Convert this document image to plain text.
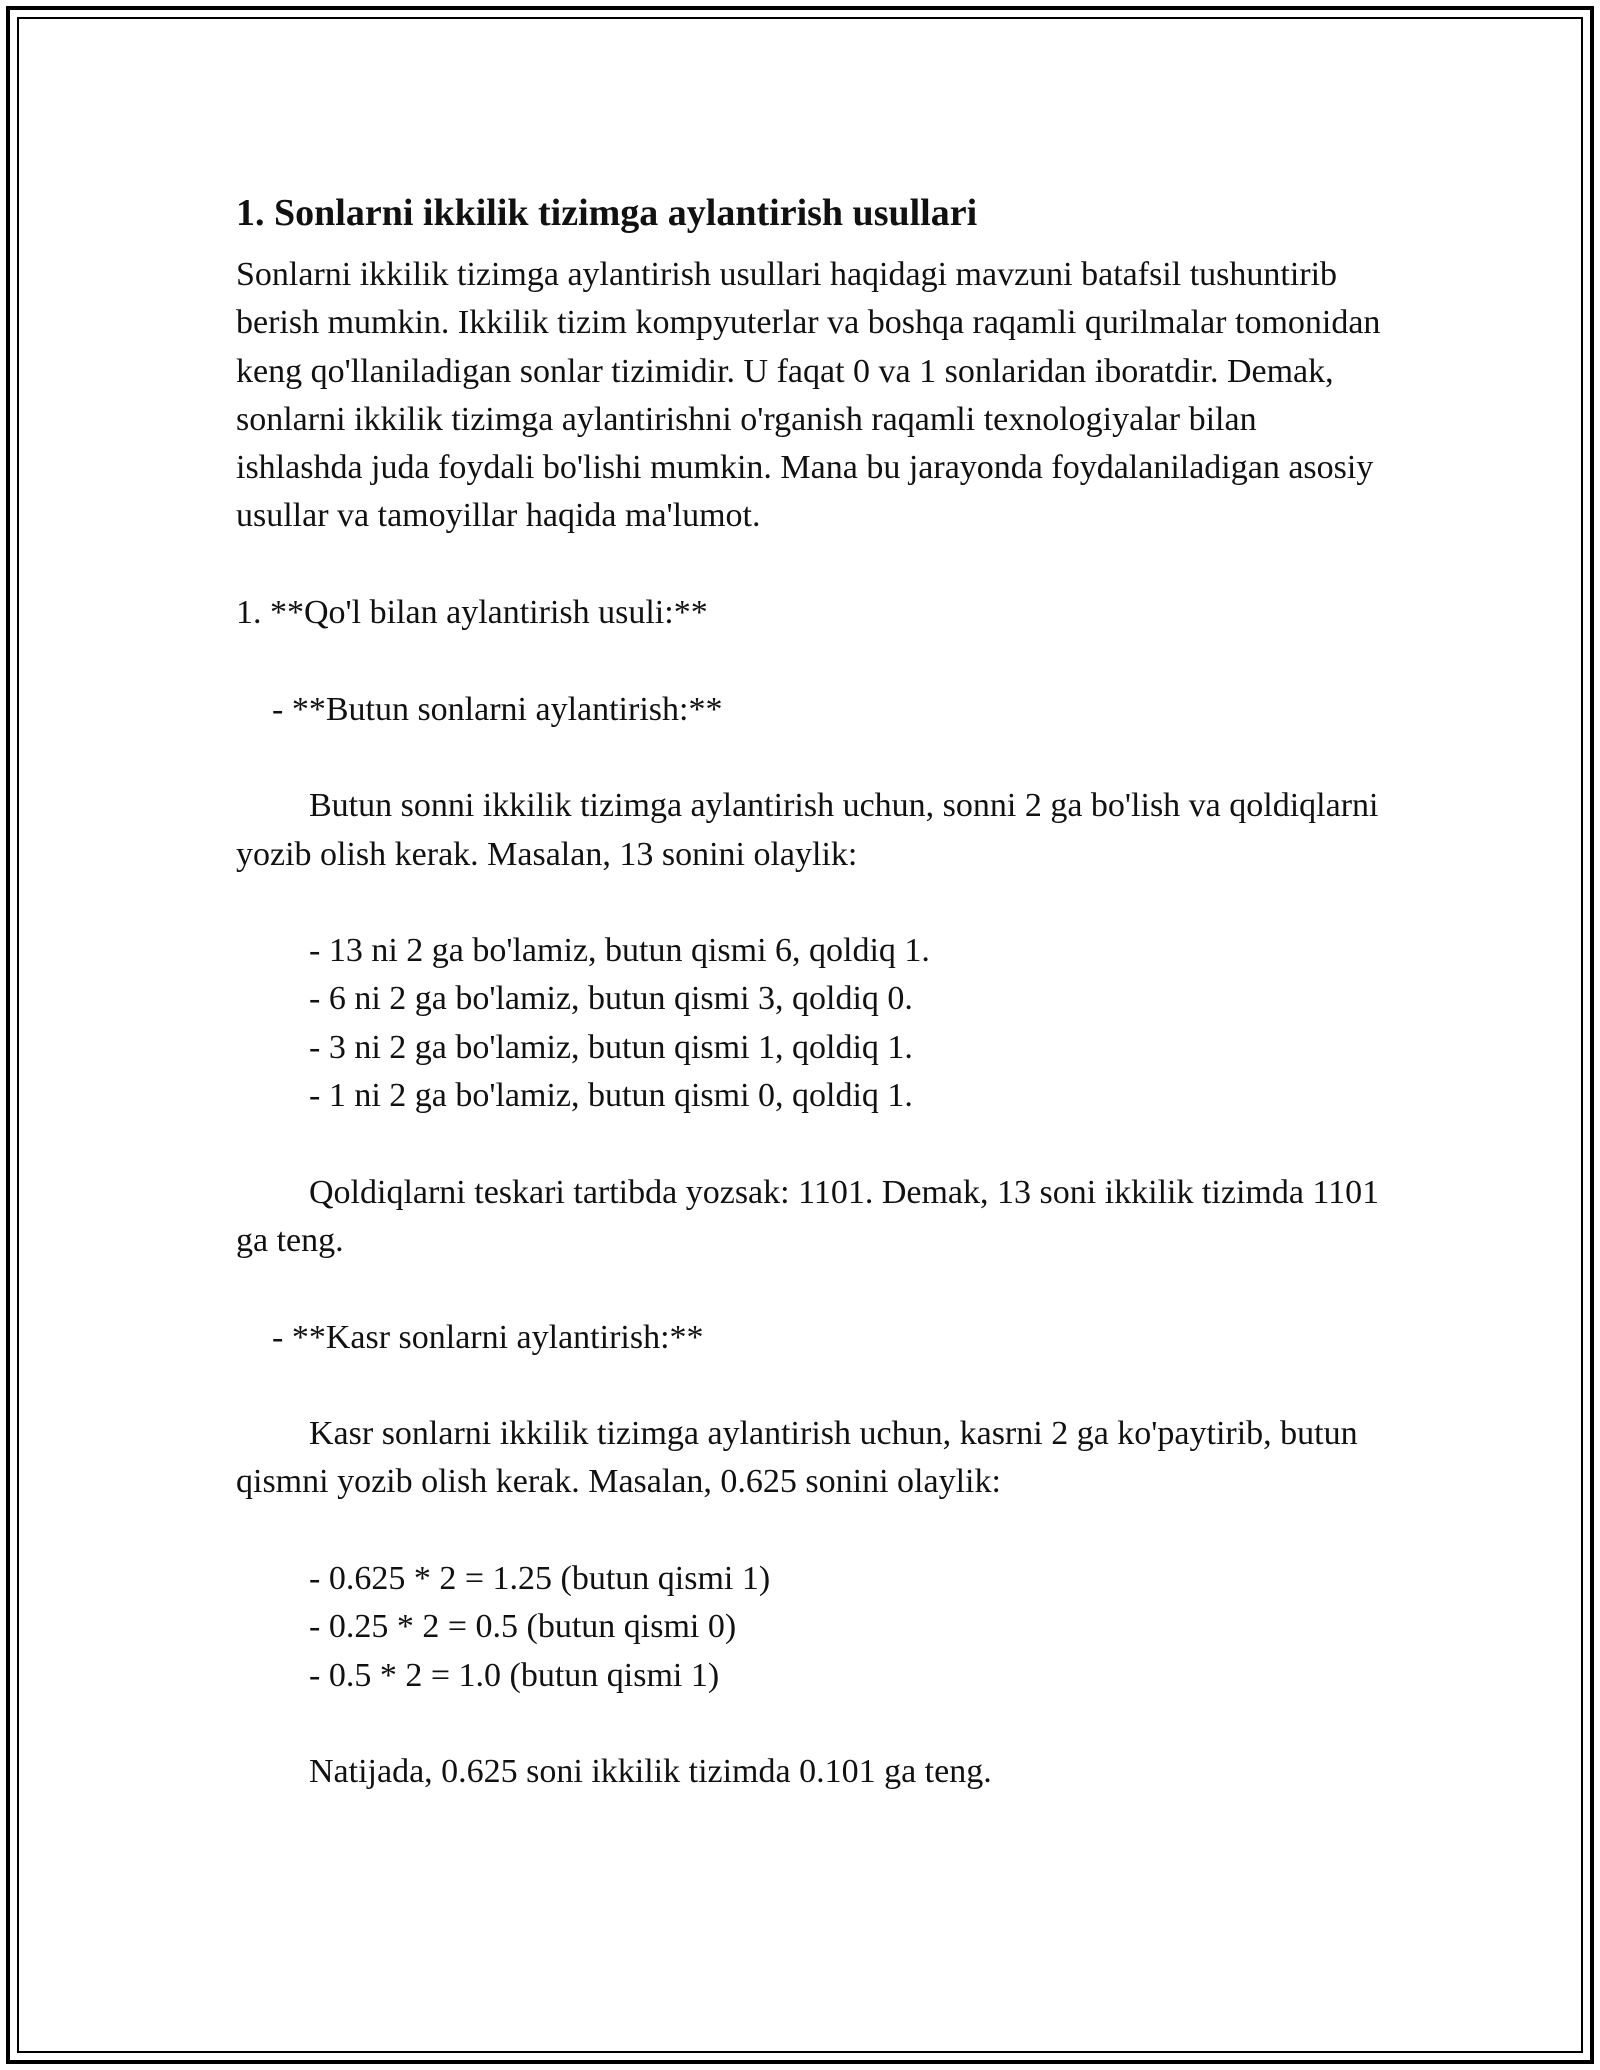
1. Sonlarni ikkilik tizimga aylantirish usullari

Sonlarni ikkilik tizimga aylantirish usullari haqidagi mavzuni batafsil tushuntirib berish mumkin. Ikkilik tizim kompyuterlar va boshqa raqamli qurilmalar tomonidan keng qo'llaniladigan sonlar tizimidir. U faqat 0 va 1 sonlaridan iboratdir. Demak, sonlarni ikkilik tizimga aylantirishni o'rganish raqamli texnologiyalar bilan ishlashda juda foydali bo'lishi mumkin. Mana bu jarayonda foydalaniladigan asosiy usullar va tamoyillar haqida ma'lumot.

1. **Qo'l bilan aylantirish usuli:**

- **Butun sonlarni aylantirish:**

Butun sonni ikkilik tizimga aylantirish uchun, sonni 2 ga bo'lish va qoldiqlarni yozib olish kerak. Masalan, 13 sonini olaylik:

- 13 ni 2 ga bo'lamiz, butun qismi 6, qoldiq 1.

- 6 ni 2 ga bo'lamiz, butun qismi 3, qoldiq 0.

- 3 ni 2 ga bo'lamiz, butun qismi 1, qoldiq 1.

- 1 ni 2 ga bo'lamiz, butun qismi 0, qoldiq 1.

Qoldiqlarni teskari tartibda yozsak: 1101. Demak, 13 soni ikkilik tizimda 1101 ga teng.

- **Kasr sonlarni aylantirish:**

Kasr sonlarni ikkilik tizimga aylantirish uchun, kasrni 2 ga ko'paytirib, butun qismni yozib olish kerak. Masalan, 0.625 sonini olaylik:

- 0.625 * 2 = 1.25 (butun qismi 1)

- 0.25 * 2 = 0.5 (butun qismi 0)

- 0.5 * 2 = 1.0 (butun qismi 1)

Natijada, 0.625 soni ikkilik tizimda 0.101 ga teng.
